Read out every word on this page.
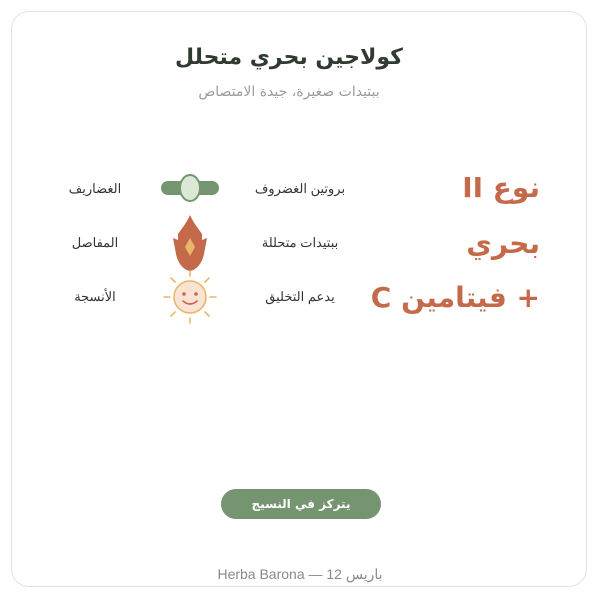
كولاجين بحري متحلل
ببتيدات صغيرة، جيدة الامتصاص
نوع II
بحري
+ فيتامين C
بروتين الغضروف
الغضاريف
ببتيدات متحللة
المفاصل
يدعم التخليق
الأنسجة
يتركز في النسيج الغضروفي
Herba Barona — 12 باريس
